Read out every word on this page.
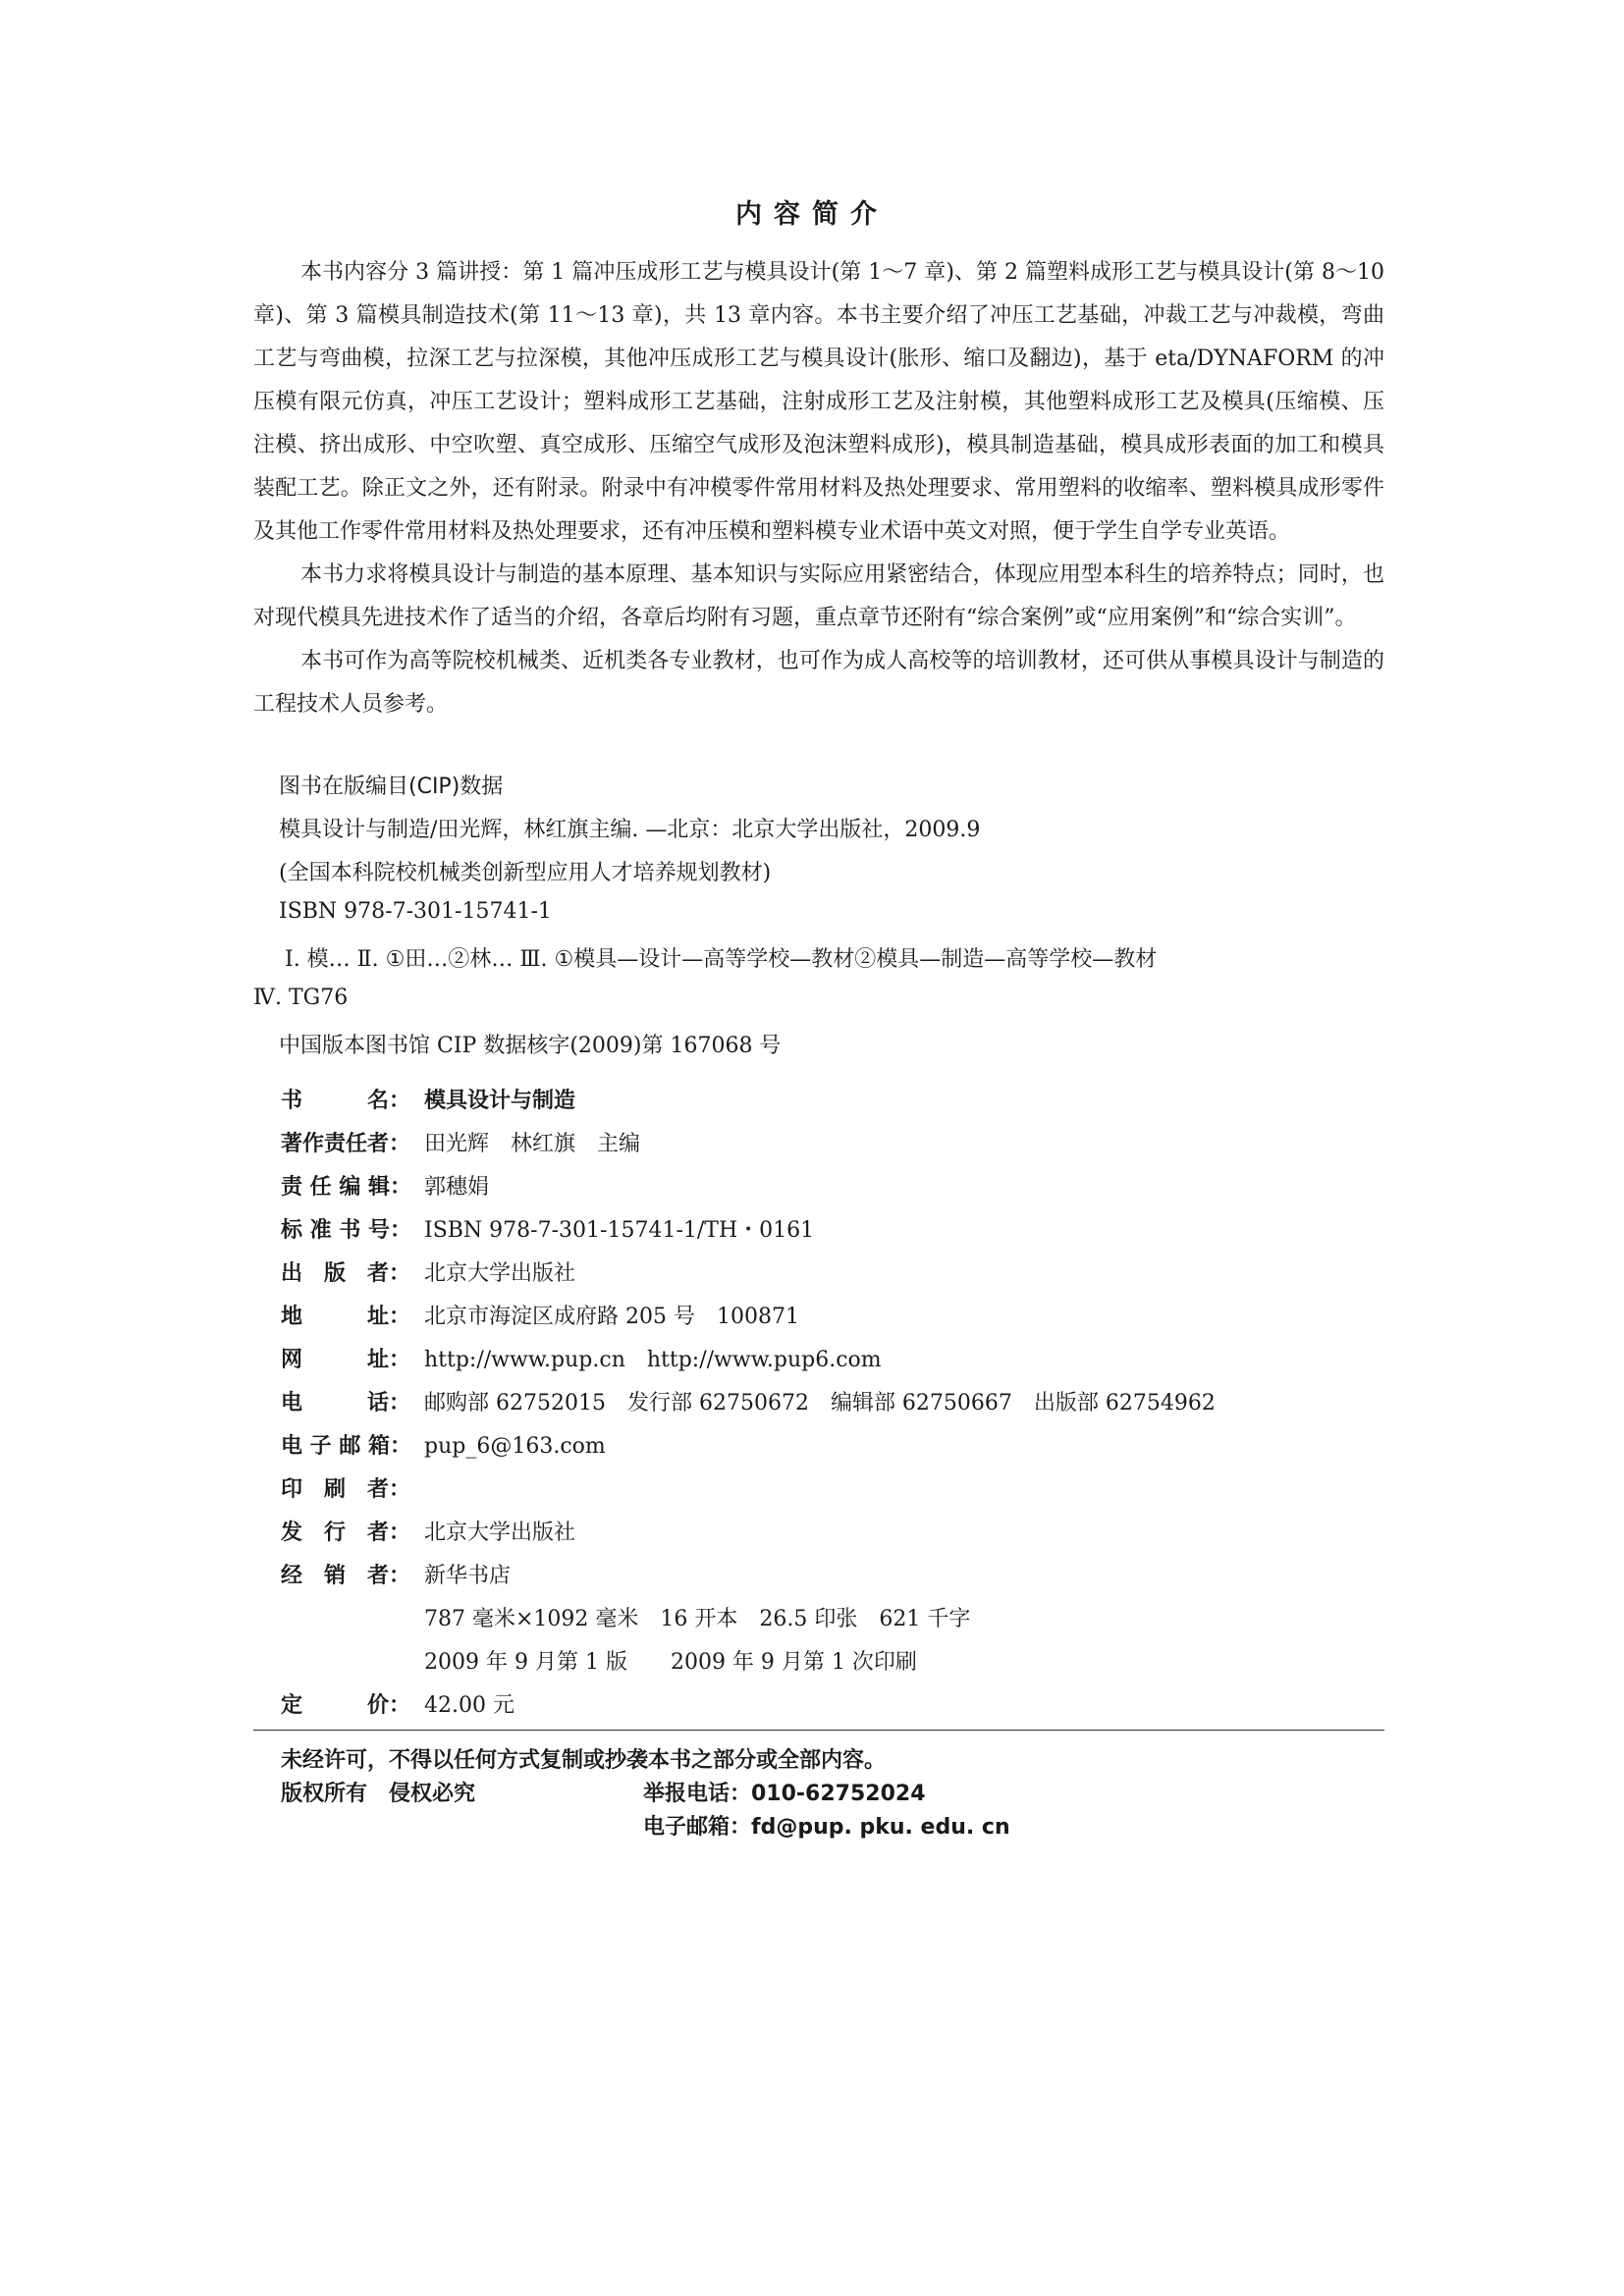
内容简介

本书内容分 3 篇讲授：第 1 篇冲压成形工艺与模具设计(第 1～7 章)、第 2 篇塑料成形工艺与模具设计(第 8～10 章)、第 3 篇模具制造技术(第 11～13 章)，共 13 章内容。本书主要介绍了冲压工艺基础，冲裁工艺与冲裁模，弯曲工艺与弯曲模，拉深工艺与拉深模，其他冲压成形工艺与模具设计(胀形、缩口及翻边)，基于 eta/DYNAFORM 的冲压模有限元仿真，冲压工艺设计；塑料成形工艺基础，注射成形工艺及注射模，其他塑料成形工艺及模具(压缩模、压注模、挤出成形、中空吹塑、真空成形、压缩空气成形及泡沫塑料成形)，模具制造基础，模具成形表面的加工和模具装配工艺。除正文之外，还有附录。附录中有冲模零件常用材料及热处理要求、常用塑料的收缩率、塑料模具成形零件及其他工作零件常用材料及热处理要求，还有冲压模和塑料模专业术语中英文对照，便于学生自学专业英语。

本书力求将模具设计与制造的基本原理、基本知识与实际应用紧密结合，体现应用型本科生的培养特点；同时，也对现代模具先进技术作了适当的介绍，各章后均附有习题，重点章节还附有“综合案例”或“应用案例”和“综合实训”。

本书可作为高等院校机械类、近机类各专业教材，也可作为成人高校等的培训教材，还可供从事模具设计与制造的工程技术人员参考。

图书在版编目(CIP)数据
模具设计与制造/田光辉，林红旗主编. —北京：北京大学出版社，2009.9
(全国本科院校机械类创新型应用人才培养规划教材)
ISBN 978-7-301-15741-1
Ⅰ. 模… Ⅱ. ①田…②林… Ⅲ. ①模具—设计—高等学校—教材②模具—制造—高等学校—教材
Ⅳ. TG76
中国版本图书馆 CIP 数据核字(2009)第 167068 号
书　　　名： 模具设计与制造
著作责任者： 田光辉　林红旗　主编
责 任 编 辑： 郭穗娟
标 准 书 号： ISBN 978-7-301-15741-1/TH・0161
出　版　者： 北京大学出版社
地　　　址： 北京市海淀区成府路 205 号　100871
网　　　址： http://www.pup.cn　http://www.pup6.com
电　　　话： 邮购部 62752015　发行部 62750672　编辑部 62750667　出版部 62754962
电 子 邮 箱： pup_6@163.com
印　刷　者：
发　行　者： 北京大学出版社
经　销　者： 新华书店
787 毫米×1092 毫米　16 开本　26.5 印张　621 千字
2009 年 9 月第 1 版　　2009 年 9 月第 1 次印刷
定　　　价： 42.00 元
未经许可，不得以任何方式复制或抄袭本书之部分或全部内容。
版权所有　侵权必究	举报电话：010-62752024
电子邮箱：fd@pup. pku. edu. cn
